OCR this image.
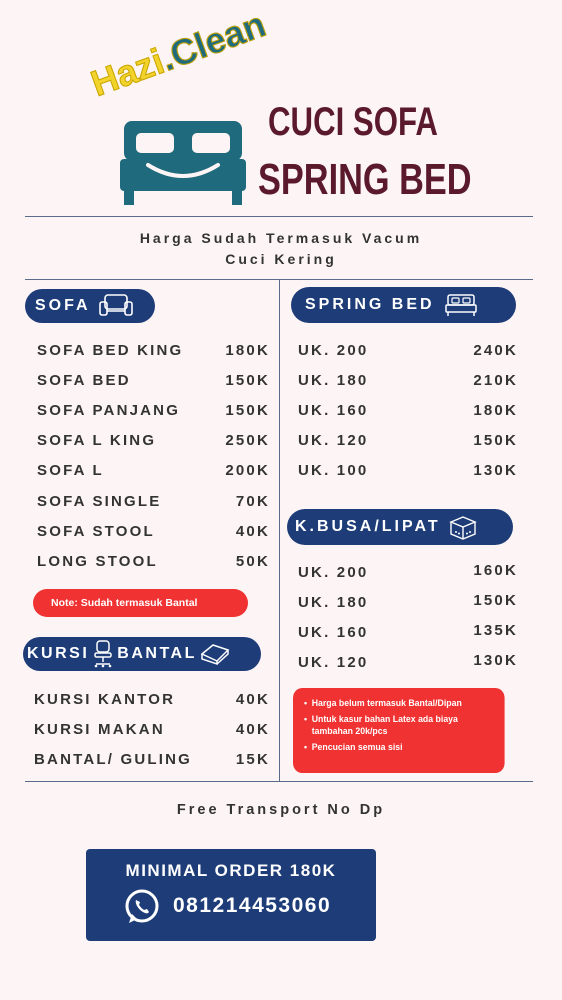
Hazi.Clean
CUCI SOFA
SPRING BED
Harga Sudah Termasuk Vacum
Cuci Kering
SOFA
SOFA BED KING	180K
SOFA BED	150K
SOFA PANJANG	150K
SOFA L KING	250K
SOFA L	200K
SOFA SINGLE	70K
SOFA STOOL	40K
LONG STOOL	50K
Note: Sudah termasuk Bantal
KURSI BANTAL
KURSI KANTOR	40K
KURSI MAKAN	40K
BANTAL/ GULING	15K
SPRING BED
UK. 200	240K
UK. 180	210K
UK. 160	180K
UK. 120	150K
UK. 100	130K
K.BUSA/LIPAT
UK. 200	160K
UK. 180	150K
UK. 160	135K
UK. 120	130K
• Harga belum termasuk Bantal/Dipan
• Untuk kasur bahan Latex ada biaya tambahan 20k/pcs
• Pencucian semua sisi
Free Transport No Dp
MINIMAL ORDER 180K
081214453060
